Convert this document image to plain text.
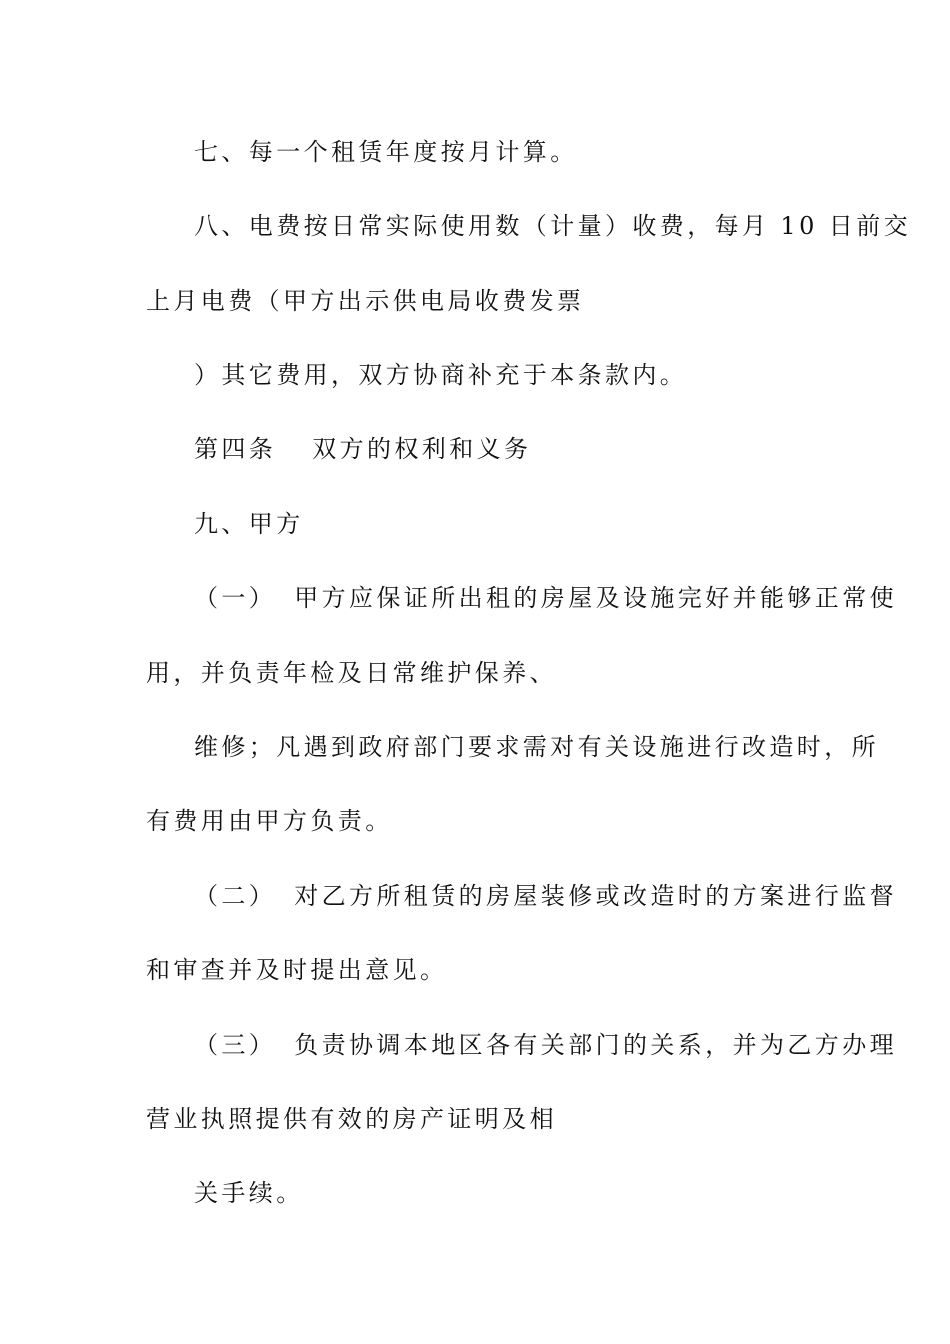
七、每一个租赁年度按月计算。
八、电费按日常实际使用数（计量）收费，每月 10 日前交
上月电费（甲方出示供电局收费发票
）其它费用，双方协商补充于本条款内。
第四条 双方的权利和义务
九、甲方
（一） 甲方应保证所出租的房屋及设施完好并能够正常使
用，并负责年检及日常维护保养、
维修；凡遇到政府部门要求需对有关设施进行改造时，所
有费用由甲方负责。
（二） 对乙方所租赁的房屋装修或改造时的方案进行监督
和审查并及时提出意见。
（三） 负责协调本地区各有关部门的关系，并为乙方办理
营业执照提供有效的房产证明及相
关手续。
